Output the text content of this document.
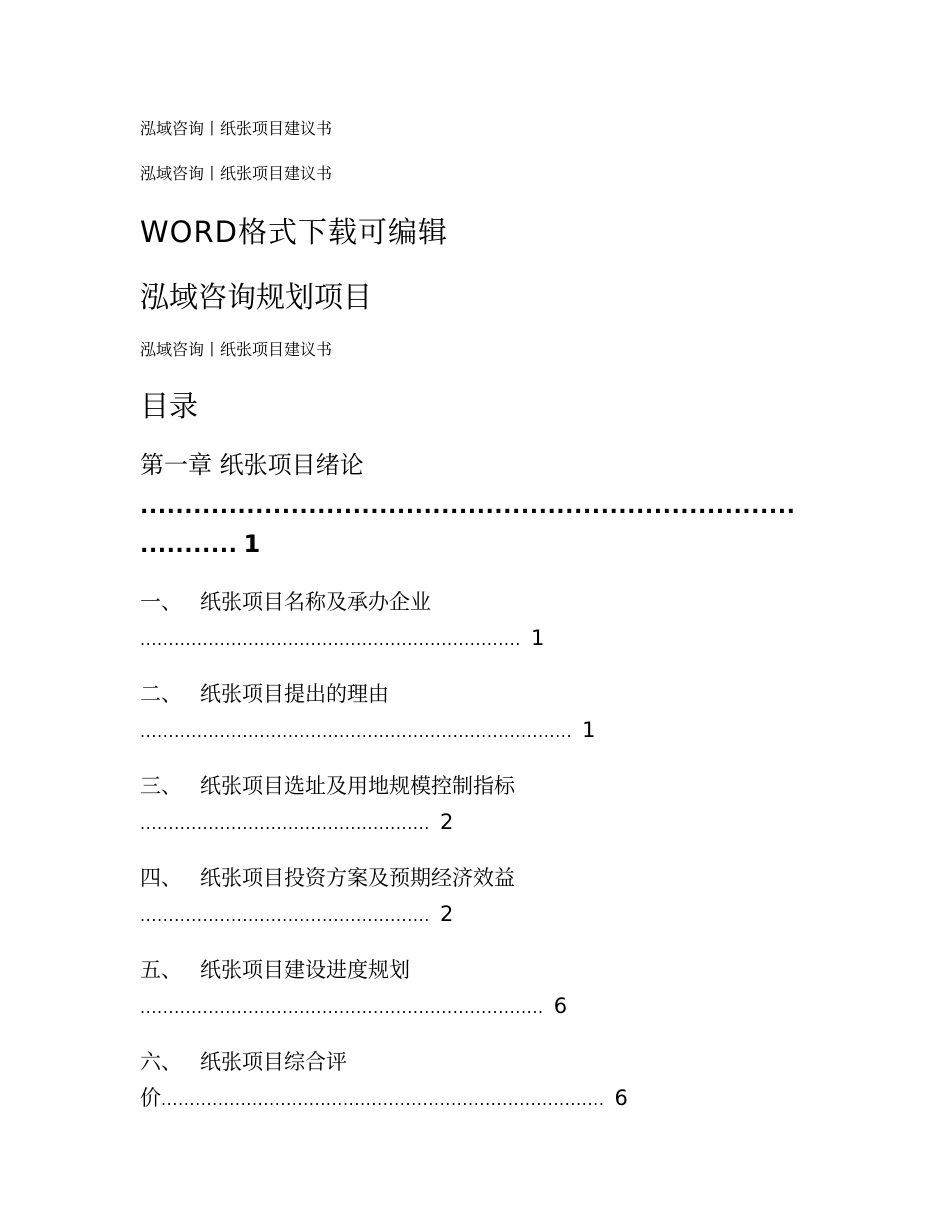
泓域咨询丨纸张项目建议书
泓域咨询丨纸张项目建议书
WORD格式下载可编辑
泓域咨询规划项目
泓域咨询丨纸张项目建议书
目录
第一章 纸张项目绪论
..........................................................................
........... 1
一、 纸张项目名称及承办企业
................................................................... 1
二、 纸张项目提出的理由
............................................................................ 1
三、 纸张项目选址及用地规模控制指标
................................................... 2
四、 纸张项目投资方案及预期经济效益
................................................... 2
五、 纸张项目建设进度规划
....................................................................... 6
六、 纸张项目综合评
价.............................................................................. 6
